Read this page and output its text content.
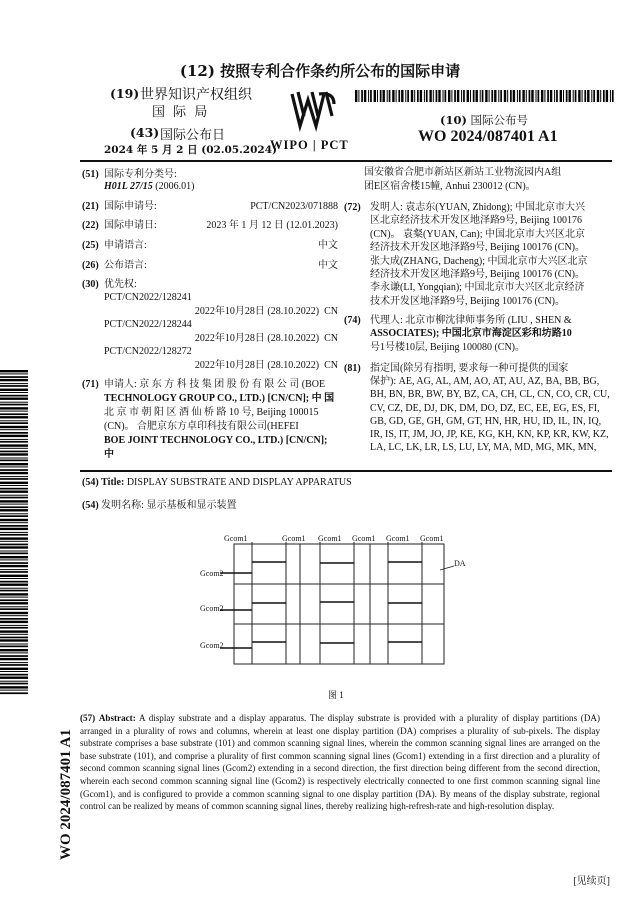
(12) 按照专利合作条约所公布的国际申请
(19) 世界知识产权组织
国 际 局
(43) 国际公布日
2024 年 5 月 2 日 (02.05.2024)
WIPO | PCT
(10) 国际公布号
WO 2024/087401 A1
(51) 国际专利分类号:
H01L 27/15 (2006.01)
(21) 国际申请号:	PCT/CN2023/071888
(22) 国际申请日:	2023 年 1 月 12 日 (12.01.2023)
(25) 申请语言:	中文
(26) 公布语言:	中文
(30) 优先权:
PCT/CN2022/128241
2022年10月28日 (28.10.2022) CN
PCT/CN2022/128244
2022年10月28日 (28.10.2022) CN
PCT/CN2022/128272
2022年10月28日 (28.10.2022) CN
(71) 申请人: 京 东 方 科 技 集 团 股 份 有 限 公 司 (BOE
TECHNOLOGY GROUP CO., LTD.) [CN/CN]; 中 国
北 京 市 朝 阳 区 酒 仙 桥 路 10 号, Beijing 100015
(CN)。 合肥京东方卓印科技有限公司(HEFEI
BOE JOINT TECHNOLOGY CO., LTD.) [CN/CN]; 中
国安徽省合肥市新站区新站工业物流园内A组
团E区宿舍楼15幢, Anhui 230012 (CN)。
(72) 发明人: 袁志东(YUAN, Zhidong); 中国北京市大兴
区北京经济技术开发区地泽路9号, Beijing 100176
(CN)。 袁粲(YUAN, Can); 中国北京市大兴区北京
经济技术开发区地泽路9号, Beijing 100176 (CN)。
张大成(ZHANG, Dacheng); 中国北京市大兴区北京
经济技术开发区地泽路9号, Beijing 100176 (CN)。
李永谦(LI, Yongqian); 中国北京市大兴区北京经济
技术开发区地泽路9号, Beijing 100176 (CN)。
(74) 代理人: 北京市柳沈律师事务所 (LIU , SHEN &
ASSOCIATES); 中国北京市海淀区彩和坊路10
号1号楼10层, Beijing 100080 (CN)。
(81) 指定国(除另有指明, 要求每一种可提供的国家
保护): AE, AG, AL, AM, AO, AT, AU, AZ, BA, BB, BG,
BH, BN, BR, BW, BY, BZ, CA, CH, CL, CN, CO, CR, CU,
CV, CZ, DE, DJ, DK, DM, DO, DZ, EC, EE, EG, ES, FI,
GB, GD, GE, GH, GM, GT, HN, HR, HU, ID, IL, IN, IQ,
IR, IS, IT, JM, JO, JP, KE, KG, KH, KN, KP, KR, KW, KZ,
LA, LC, LK, LR, LS, LU, LY, MA, MD, MG, MK, MN,
WO 2024/087401 A1
(54) Title: DISPLAY SUBSTRATE AND DISPLAY APPARATUS
(54) 发明名称: 显示基板和显示装置
Gcom1	Gcom1 Gcom1 Gcom1 Gcom1 Gcom1
Gcom2
Gcom2
Gcom2
DA
图 1
(57) Abstract: A display substrate and a display apparatus. The display substrate is provided with a plurality of display partitions (DA) arranged in a plurality of rows and columns, wherein at least one display partition (DA) comprises a plurality of sub-pixels. The display substrate comprises a base substrate (101) and common scanning signal lines, wherein the common scanning signal lines are arranged on the base substrate (101), and comprise a plurality of first common scanning signal lines (Gcom1) extending in a first direction and a plurality of second common scanning signal lines (Gcom2) extending in a second direction, the first direction being different from the second direction, wherein each second common scanning signal line (Gcom2) is respectively electrically connected to one first common scanning signal line (Gcom1), and is configured to provide a common scanning signal to one display partition (DA). By means of the display substrate, regional control can be realized by means of common scanning signal lines, thereby realizing high-refresh-rate and high-resolution display.
[见续页]
